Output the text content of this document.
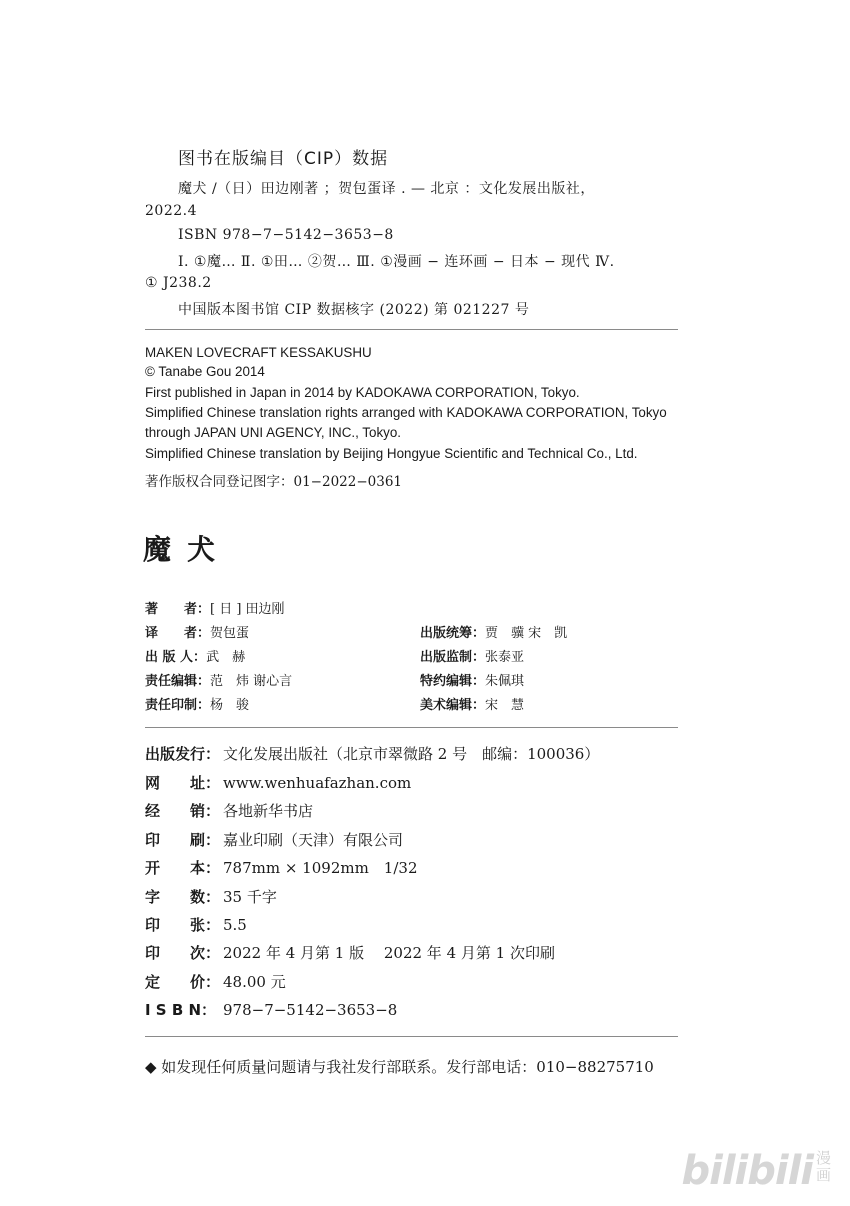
图书在版编目（CIP）数据
魔犬 /（日）田边刚著 ；贺包蛋译 . — 北京 ：文化发展出版社，
2022.4
ISBN 978−7−5142−3653−8
Ⅰ. ①魔… Ⅱ. ①田… ②贺… Ⅲ. ①漫画 − 连环画 − 日本 − 现代 Ⅳ.
① J238.2
中国版本图书馆 CIP 数据核字 (2022) 第 021227 号
MAKEN LOVECRAFT KESSAKUSHU
© Tanabe Gou 2014
First published in Japan in 2014 by KADOKAWA CORPORATION, Tokyo.
Simplified Chinese translation rights arranged with KADOKAWA CORPORATION, Tokyo
through JAPAN UNI AGENCY, INC., Tokyo.
Simplified Chinese translation by Beijing Hongyue Scientific and Technical Co., Ltd.
著作版权合同登记图字：01−2022−0361
魔犬
著　　者：[ 日 ] 田边刚
译　　者：贺包蛋
出 版 人：武　赫
责任编辑：范　炜 谢心言
责任印制：杨　骏
出版统筹：贾　骥 宋　凯
出版监制：张泰亚
特约编辑：朱佩琪
美术编辑：宋　慧
出版发行： 文化发展出版社（北京市翠微路 2 号　邮编：100036）
网　　址： www.wenhuafazhan.com
经　　销： 各地新华书店
印　　刷： 嘉业印刷（天津）有限公司
开　　本： 787mm × 1092mm　1/32
字　　数： 35 千字
印　　张： 5.5
印　　次： 2022 年 4 月第 1 版　 2022 年 4 月第 1 次印刷
定　　价： 48.00 元
I S B N： 978−7−5142−3653−8
◆ 如发现任何质量问题请与我社发行部联系。发行部电话：010−88275710
bilibili 漫画
